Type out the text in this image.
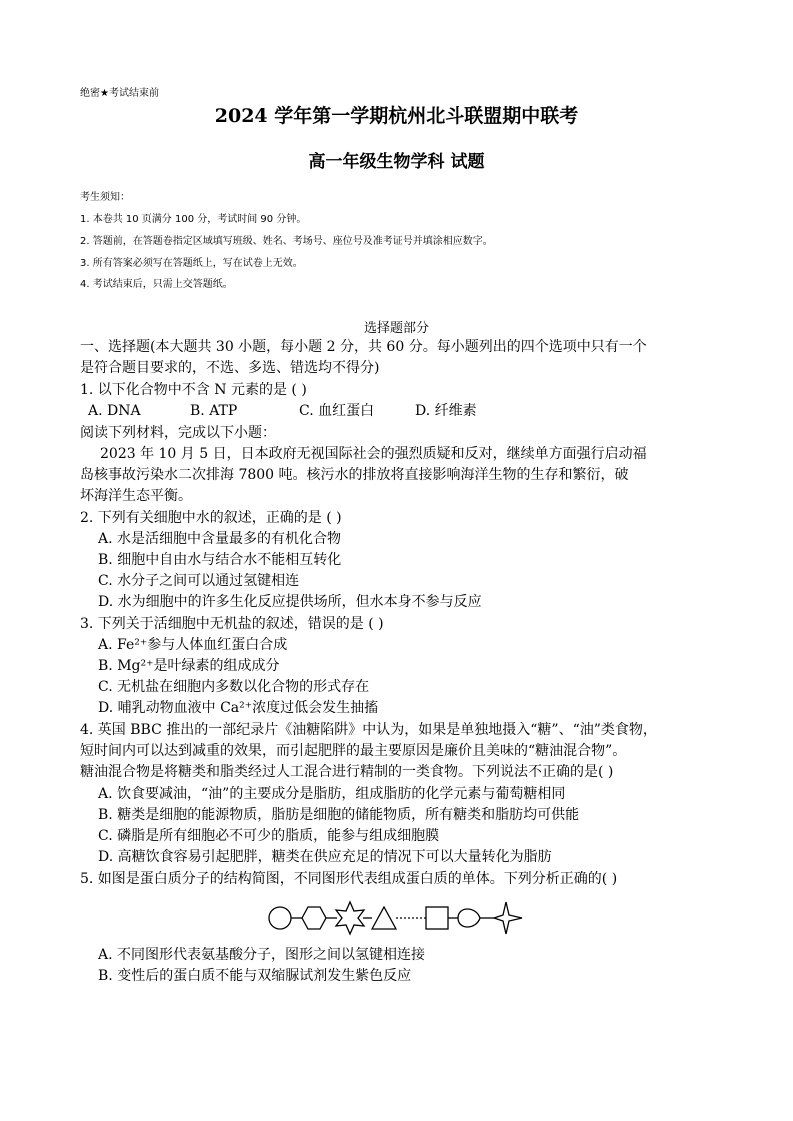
绝密★考试结束前
2024 学年第一学期杭州北斗联盟期中联考
高一年级生物学科 试题
考生须知：
1. 本卷共 10 页满分 100 分，考试时间 90 分钟。
2. 答题前，在答题卷指定区域填写班级、姓名、考场号、座位号及准考证号并填涂相应数字。
3. 所有答案必须写在答题纸上，写在试卷上无效。
4. 考试结束后，只需上交答题纸。
选择题部分
一、选择题(本大题共 30 小题，每小题 2 分，共 60 分。每小题列出的四个选项中只有一个
是符合题目要求的，不选、多选、错选均不得分)
1. 以下化合物中不含 N 元素的是 ( )
A. DNA	B. ATP	C. 血红蛋白	D. 纤维素
阅读下列材料，完成以下小题：
2023 年 10 月 5 日，日本政府无视国际社会的强烈质疑和反对，继续单方面强行启动福
岛核事故污染水二次排海 7800 吨。核污水的排放将直接影响海洋生物的生存和繁衍，破
坏海洋生态平衡。
2. 下列有关细胞中水的叙述，正确的是 ( )
A. 水是活细胞中含量最多的有机化合物
B. 细胞中自由水与结合水不能相互转化
C. 水分子之间可以通过氢键相连
D. 水为细胞中的许多生化反应提供场所，但水本身不参与反应
3. 下列关于活细胞中无机盐的叙述，错误的是 ( )
A. Fe²⁺参与人体血红蛋白合成
B. Mg²⁺是叶绿素的组成成分
C. 无机盐在细胞内多数以化合物的形式存在
D. 哺乳动物血液中 Ca²⁺浓度过低会发生抽搐
4. 英国 BBC 推出的一部纪录片《油糖陷阱》中认为，如果是单独地摄入“糖”、“油”类食物，
短时间内可以达到减重的效果，而引起肥胖的最主要原因是廉价且美味的“糖油混合物”。
糖油混合物是将糖类和脂类经过人工混合进行精制的一类食物。下列说法不正确的是( )
A. 饮食要减油，“油”的主要成分是脂肪，组成脂肪的化学元素与葡萄糖相同
B. 糖类是细胞的能源物质，脂肪是细胞的储能物质，所有糖类和脂肪均可供能
C. 磷脂是所有细胞必不可少的脂质，能参与组成细胞膜
D. 高糖饮食容易引起肥胖，糖类在供应充足的情况下可以大量转化为脂肪
5. 如图是蛋白质分子的结构简图，不同图形代表组成蛋白质的单体。下列分析正确的( )
A. 不同图形代表氨基酸分子，图形之间以氢键相连接
B. 变性后的蛋白质不能与双缩脲试剂发生紫色反应
